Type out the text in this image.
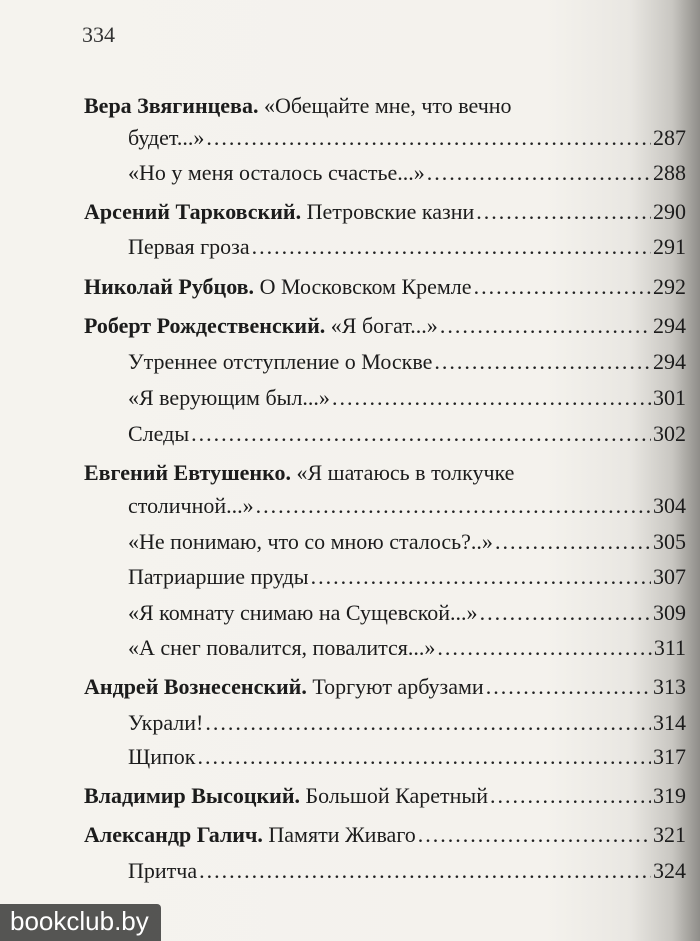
334
Вера Звягинцева.
«Обещайте мне, что вечно
будет...» .....	287
«Но у меня осталось счастье...» .....	288
Арсений Тарковский.
Петровские казни .....	290
Первая гроза .....	291
Николай Рубцов.
О Московском Кремле .....	292
Роберт Рождественский.
«Я богат...» .....	294
Утреннее отступление о Москве .....	294
«Я верующим был...» .....	301
Следы .....	302
Евгений Евтушенко.
«Я шатаюсь в толкучке
столичной...» .....	304
«Не понимаю, что со мною сталось?..» .....	305
Патриаршие пруды .....	307
«Я комнату снимаю на Сущевской...» .....	309
«А снег повалится, повалится...» .....	311
Андрей Вознесенский.
Торгуют арбузами .....	313
Украли! .....	314
Щипок .....	317
Владимир Высоцкий.
Большой Каретный .....	319
Александр Галич.
Памяти Живаго .....	321
Притча .....	324
bookclub.by
